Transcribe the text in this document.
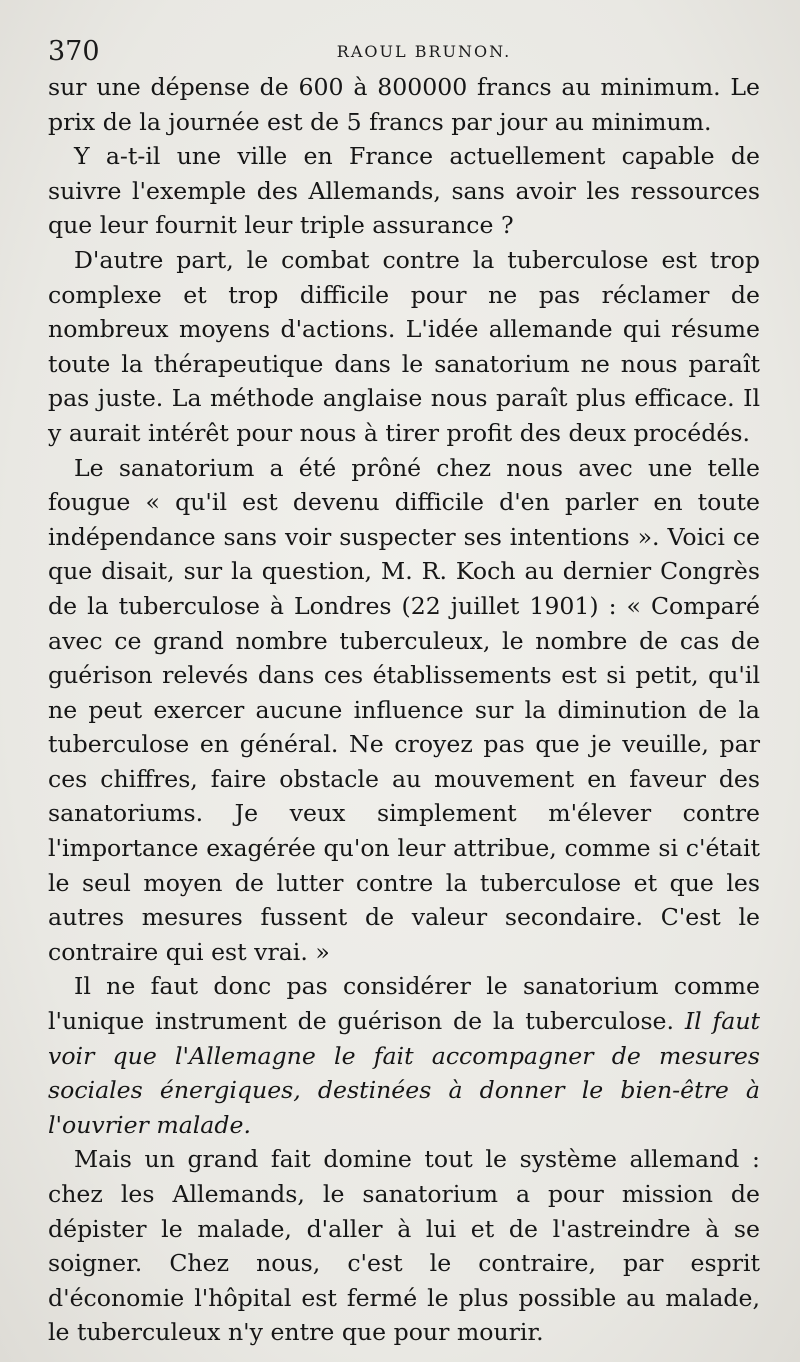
370	RAOUL BRUNON.

sur une dépense de 600 à 800000 francs au minimum. Le prix de la journée est de 5 francs par jour au minimum.

Y a-t-il une ville en France actuellement capable de suivre l'exemple des Allemands, sans avoir les ressources que leur fournit leur triple assurance ?

D'autre part, le combat contre la tuberculose est trop complexe et trop difficile pour ne pas réclamer de nombreux moyens d'actions. L'idée allemande qui résume toute la thérapeutique dans le sanatorium ne nous paraît pas juste. La méthode anglaise nous paraît plus efficace. Il y aurait intérêt pour nous à tirer profit des deux procédés.

Le sanatorium a été prôné chez nous avec une telle fougue « qu'il est devenu difficile d'en parler en toute indépendance sans voir suspecter ses intentions ». Voici ce que disait, sur la question, M. R. Koch au dernier Congrès de la tuberculose à Londres (22 juillet 1901) : « Comparé avec ce grand nombre tuberculeux, le nombre de cas de guérison relevés dans ces établissements est si petit, qu'il ne peut exercer aucune influence sur la diminution de la tuberculose en général. Ne croyez pas que je veuille, par ces chiffres, faire obstacle au mouvement en faveur des sanatoriums. Je veux simplement m'élever contre l'importance exagérée qu'on leur attribue, comme si c'était le seul moyen de lutter contre la tuberculose et que les autres mesures fussent de valeur secondaire. C'est le contraire qui est vrai. »

Il ne faut donc pas considérer le sanatorium comme l'unique instrument de guérison de la tuberculose. Il faut voir que l'Allemagne le fait accompagner de mesures sociales énergiques, destinées à donner le bien-être à l'ouvrier malade.

Mais un grand fait domine tout le système allemand : chez les Allemands, le sanatorium a pour mission de dépister le malade, d'aller à lui et de l'astreindre à se soigner. Chez nous, c'est le contraire, par esprit d'économie l'hôpital est fermé le plus possible au malade, le tuberculeux n'y entre que pour mourir.
